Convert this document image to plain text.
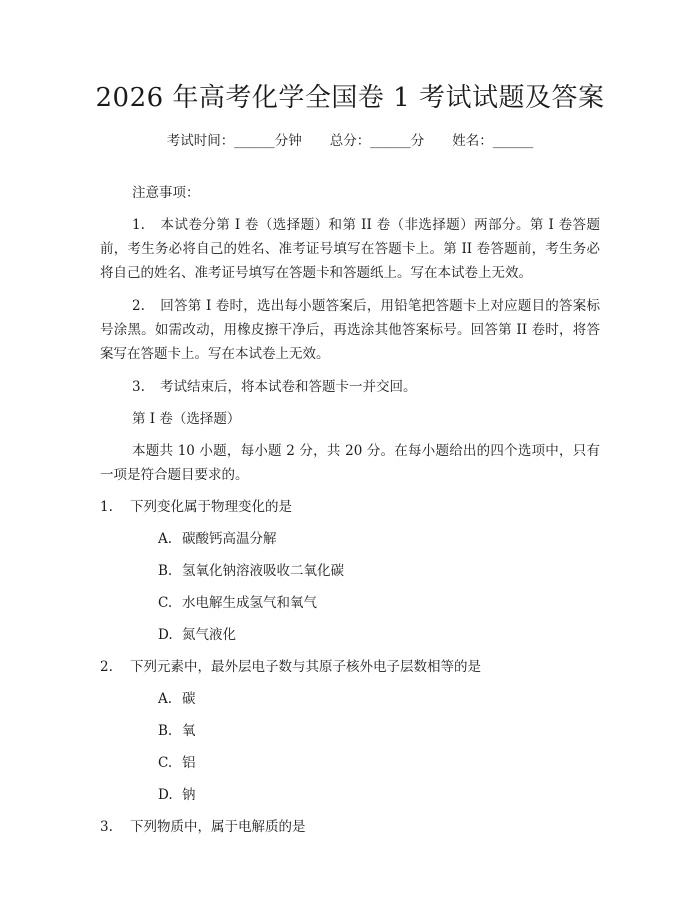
2026 年高考化学全国卷 1 考试试题及答案
考试时间：______分钟 总分：______分 姓名：______
注意事项：
1. 本试卷分第 I 卷（选择题）和第 II 卷（非选择题）两部分。第 I 卷答题前，考生务必将自己的姓名、准考证号填写在答题卡上。第 II 卷答题前，考生务必将自己的姓名、准考证号填写在答题卡和答题纸上。写在本试卷上无效。
2. 回答第 I 卷时，选出每小题答案后，用铅笔把答题卡上对应题目的答案标号涂黑。如需改动，用橡皮擦干净后，再选涂其他答案标号。回答第 II 卷时，将答案写在答题卡上。写在本试卷上无效。
3. 考试结束后，将本试卷和答题卡一并交回。
第 I 卷（选择题）
本题共 10 小题，每小题 2 分，共 20 分。在每小题给出的四个选项中，只有一项是符合题目要求的。
1. 下列变化属于物理变化的是
A. 碳酸钙高温分解
B. 氢氧化钠溶液吸收二氧化碳
C. 水电解生成氢气和氧气
D. 氮气液化
2. 下列元素中，最外层电子数与其原子核外电子层数相等的是
A. 碳
B. 氧
C. 铝
D. 钠
3. 下列物质中，属于电解质的是
